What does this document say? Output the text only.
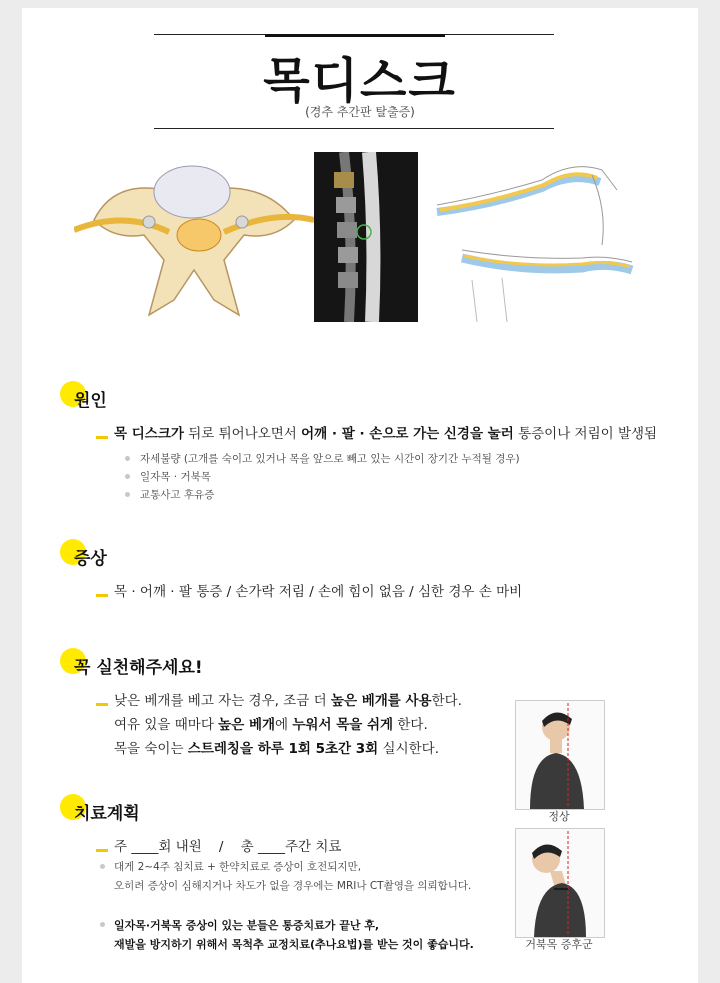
목디스크
(경추 추간판 탈출증)
원인
목 디스크가 뒤로 튀어나오면서 어깨 · 팔 · 손으로 가는 신경을 눌러 통증이나 저림이 발생됨
자세불량 (고개를 숙이고 있거나 목을 앞으로 빼고 있는 시간이 장기간 누적될 경우)
일자목 · 거북목
교통사고 후유증
증상
목 · 어깨 · 팔 통증 / 손가락 저림 / 손에 힘이 없음 / 심한 경우 손 마비
꼭 실천해주세요!
낮은 베개를 베고 자는 경우, 조금 더 높은 베개를 사용한다.
여유 있을 때마다 높은 베개에 누워서 목을 쉬게 한다.
목을 숙이는 스트레칭을 하루 1회 5초간 3회 실시한다.
치료계획
주 ____회 내원    /    총 ____주간 치료
대게 2~4주 침치료 + 한약치료로 증상이 호전되지만,
오히려 증상이 심해지거나 차도가 없을 경우에는 MRI나 CT촬영을 의뢰합니다.
일자목·거북목 증상이 있는 분들은 통증치료가 끝난 후,
재발을 방지하기 위해서 목척추 교정치료(추나요법)를 받는 것이 좋습니다.
정상
거북목 증후군
